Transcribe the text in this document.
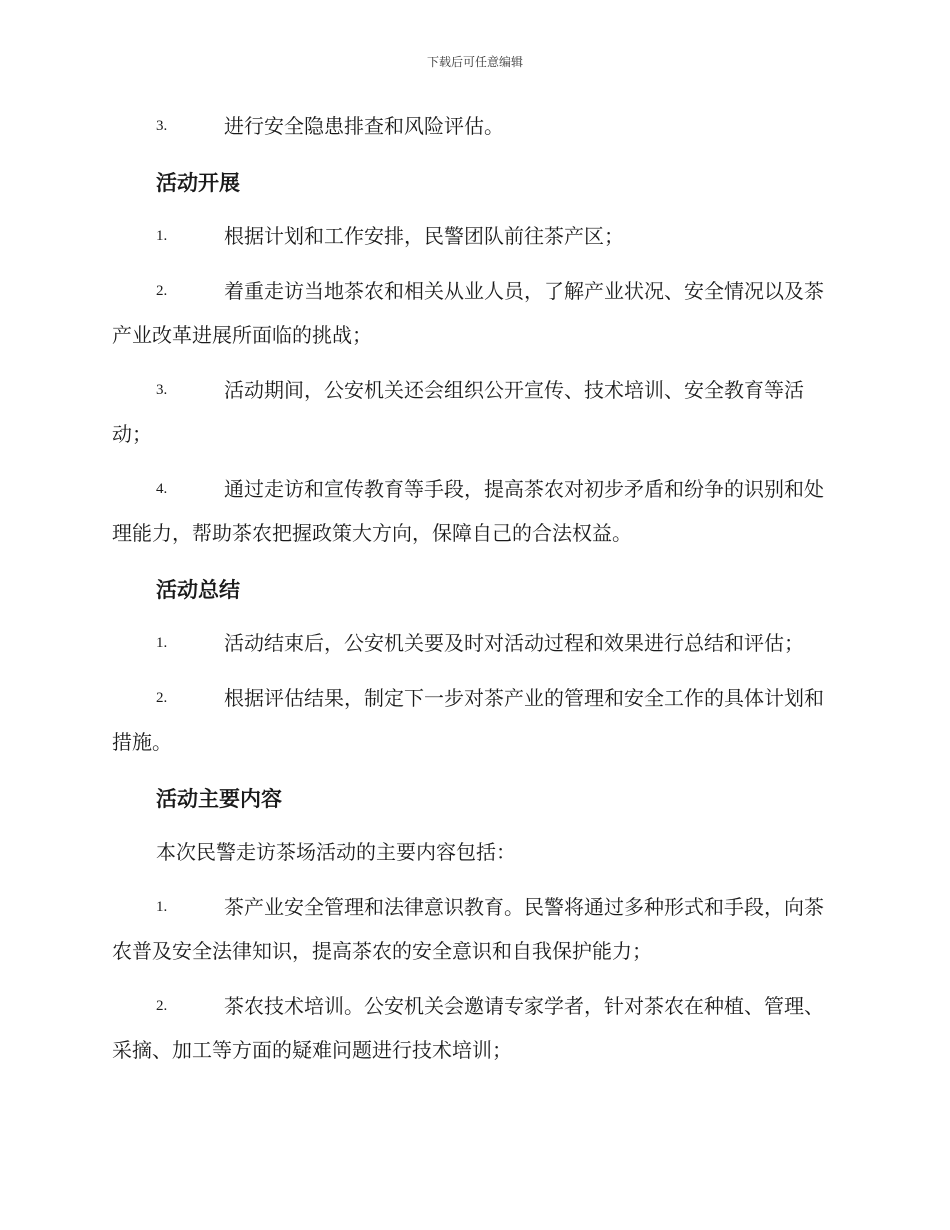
下载后可任意编辑
3.	进行安全隐患排查和风险评估。
活动开展
1.	根据计划和工作安排，民警团队前往茶产区；
2.	着重走访当地茶农和相关从业人员，了解产业状况、安全情况以及茶产业改革进展所面临的挑战；
3.	活动期间，公安机关还会组织公开宣传、技术培训、安全教育等活动；
4.	通过走访和宣传教育等手段，提高茶农对初步矛盾和纷争的识别和处理能力，帮助茶农把握政策大方向，保障自己的合法权益。
活动总结
1.	活动结束后，公安机关要及时对活动过程和效果进行总结和评估；
2.	根据评估结果，制定下一步对茶产业的管理和安全工作的具体计划和措施。
活动主要内容
本次民警走访茶场活动的主要内容包括：
1.	茶产业安全管理和法律意识教育。民警将通过多种形式和手段，向茶农普及安全法律知识，提高茶农的安全意识和自我保护能力；
2.	茶农技术培训。公安机关会邀请专家学者，针对茶农在种植、管理、采摘、加工等方面的疑难问题进行技术培训；
